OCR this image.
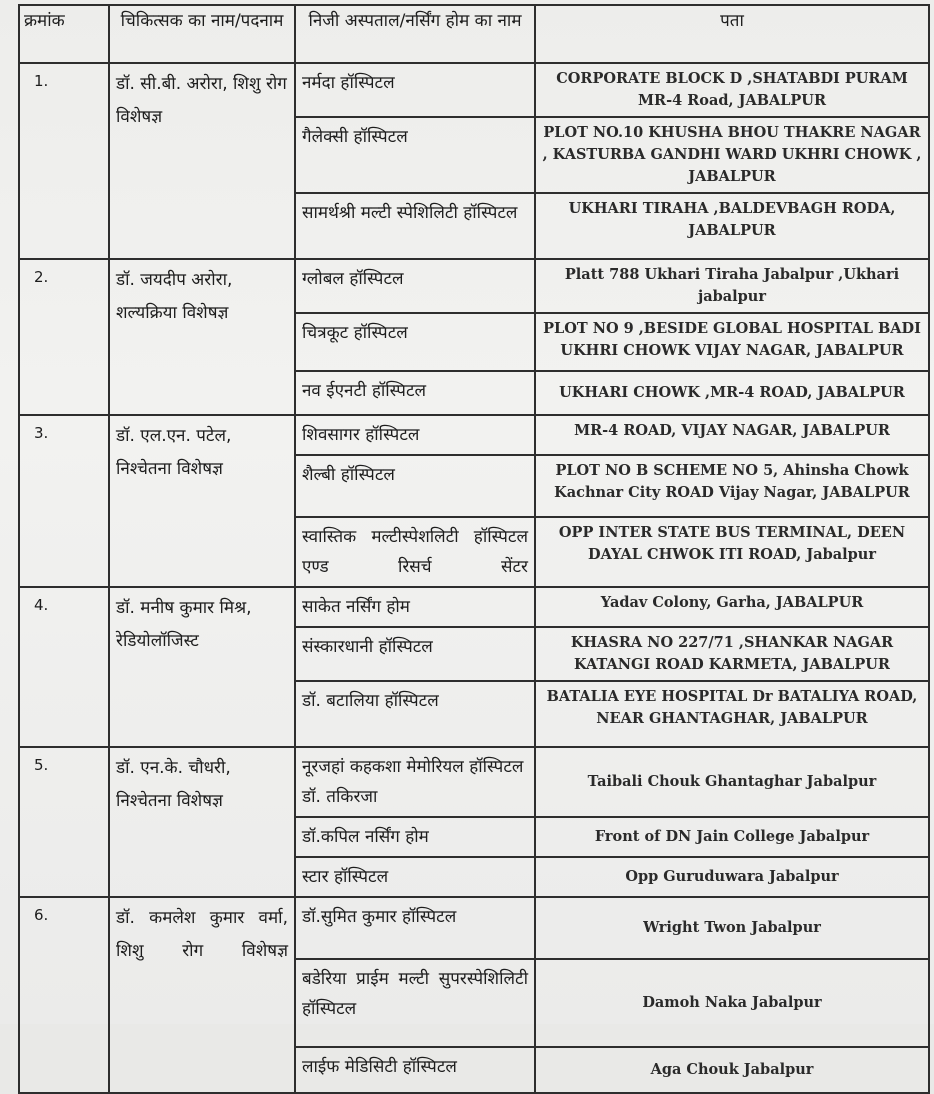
क्रमांक	चिकित्सक का नाम/पदनाम	निजी अस्पताल/नर्सिंग होम का नाम	पता
1.	डॉ. सी.बी. अरोरा, शिशु रोग विशेषज्ञ	नर्मदा हॉस्पिटल	CORPORATE BLOCK D ,SHATABDI PURAM MR-4 Road, JABALPUR
		गैलेक्सी हॉस्पिटल	PLOT NO.10 KHUSHA BHOU THAKRE NAGAR , KASTURBA GANDHI WARD UKHRI CHOWK , JABALPUR
		सामर्थश्री मल्टी स्पेशिलिटी हॉस्पिटल	UKHARI TIRAHA ,BALDEVBAGH RODA, JABALPUR
2.	डॉ. जयदीप अरोरा, शल्यक्रिया विशेषज्ञ	ग्लोबल हॉस्पिटल	Platt 788 Ukhari Tiraha Jabalpur ,Ukhari jabalpur
		चित्रकूट हॉस्पिटल	PLOT NO 9 ,BESIDE GLOBAL HOSPITAL BADI UKHRI CHOWK VIJAY NAGAR, JABALPUR
		नव ईएनटी हॉस्पिटल	UKHARI CHOWK ,MR-4 ROAD, JABALPUR
3.	डॉ. एल.एन. पटेल, निश्चेतना विशेषज्ञ	शिवसागर हॉस्पिटल	MR-4 ROAD, VIJAY NAGAR, JABALPUR
		शैल्बी हॉस्पिटल	PLOT NO B SCHEME NO 5, Ahinsha Chowk Kachnar City ROAD Vijay Nagar, JABALPUR
		स्वास्तिक मल्टीस्पेशलिटी हॉस्पिटल एण्ड रिसर्च सेंटर	OPP INTER STATE BUS TERMINAL, DEEN DAYAL CHWOK ITI ROAD, Jabalpur
4.	डॉ. मनीष कुमार मिश्र, रेडियोलॉजिस्ट	साकेत नर्सिंग होम	Yadav Colony, Garha, JABALPUR
		संस्कारधानी हॉस्पिटल	KHASRA NO 227/71 ,SHANKAR NAGAR KATANGI ROAD KARMETA, JABALPUR
		डॉ. बटालिया हॉस्पिटल	BATALIA EYE HOSPITAL Dr BATALIYA ROAD, NEAR GHANTAGHAR, JABALPUR
5.	डॉ. एन.के. चौधरी, निश्चेतना विशेषज्ञ	नूरजहां कहकशा मेमोरियल हॉस्पिटल डॉ. तकिरजा	Taibali Chouk Ghantaghar Jabalpur
		डॉ.कपिल नर्सिंग होम	Front of DN Jain College Jabalpur
		स्टार हॉस्पिटल	Opp Guruduwara Jabalpur
6.	डॉ. कमलेश कुमार वर्मा, शिशु रोग विशेषज्ञ	डॉ.सुमित कुमार हॉस्पिटल	Wright Twon Jabalpur
		बडेरिया प्राईम मल्टी सुपरस्पेशिलिटी हॉस्पिटल	Damoh Naka Jabalpur
		लाईफ मेडिसिटी हॉस्पिटल	Aga Chouk Jabalpur
